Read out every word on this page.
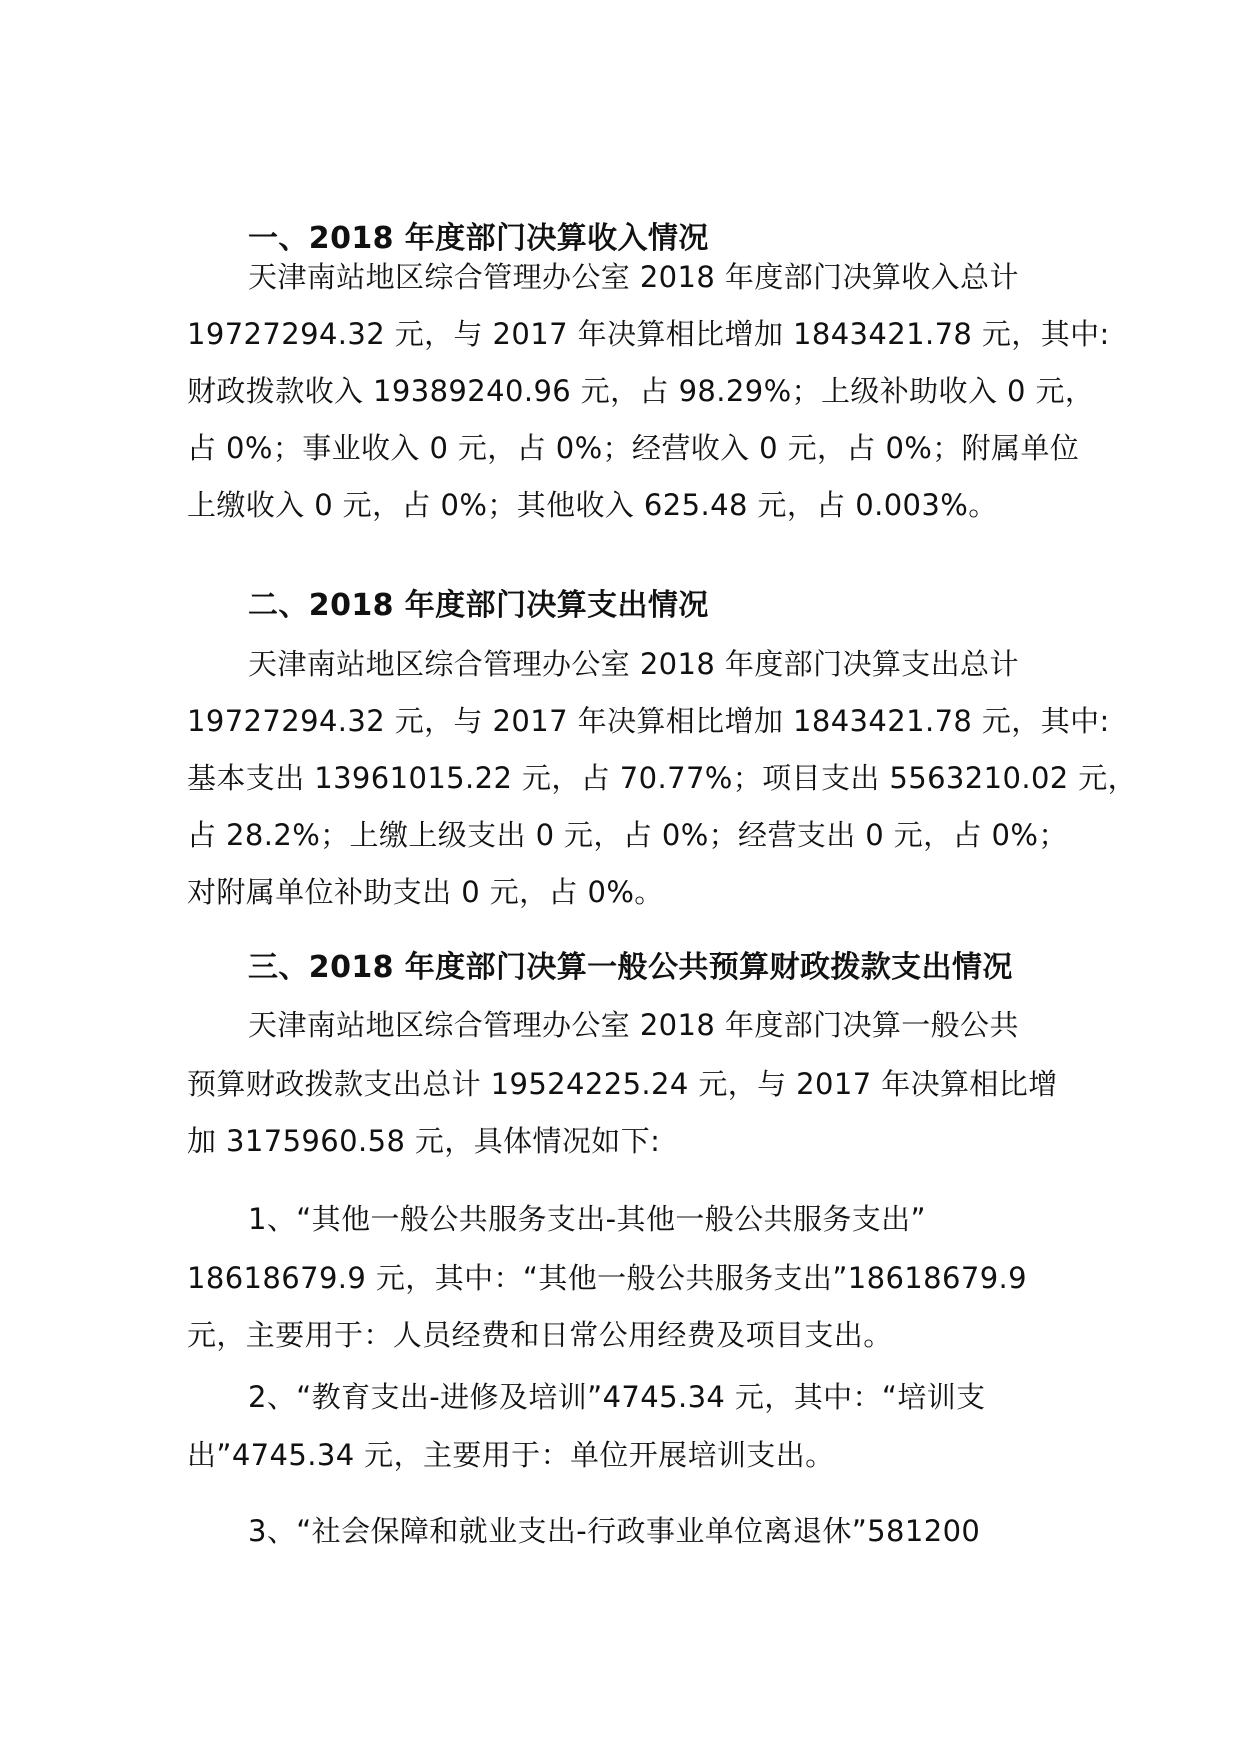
一、2018 年度部门决算收入情况
天津南站地区综合管理办公室 2018 年度部门决算收入总计
19727294.32 元，与 2017 年决算相比增加 1843421.78 元，其中:
财政拨款收入 19389240.96 元，占 98.29%；上级补助收入 0 元，
占 0%；事业收入 0 元，占 0%；经营收入 0 元，占 0%；附属单位
上缴收入 0 元，占 0%；其他收入 625.48 元，占 0.003%。
二、2018 年度部门决算支出情况
天津南站地区综合管理办公室 2018 年度部门决算支出总计
19727294.32 元，与 2017 年决算相比增加 1843421.78 元，其中:
基本支出 13961015.22 元，占 70.77%；项目支出 5563210.02 元，
占 28.2%；上缴上级支出 0 元，占 0%；经营支出 0 元，占 0%；
对附属单位补助支出 0 元，占 0%。
三、2018 年度部门决算一般公共预算财政拨款支出情况
天津南站地区综合管理办公室 2018 年度部门决算一般公共
预算财政拨款支出总计 19524225.24 元，与 2017 年决算相比增
加 3175960.58 元，具体情况如下:
1、“其他一般公共服务支出-其他一般公共服务支出”
18618679.9 元，其中：“其他一般公共服务支出”18618679.9
元，主要用于：人员经费和日常公用经费及项目支出。
2、“教育支出-进修及培训”4745.34 元，其中：“培训支
出”4745.34 元，主要用于：单位开展培训支出。
3、“社会保障和就业支出-行政事业单位离退休”581200
